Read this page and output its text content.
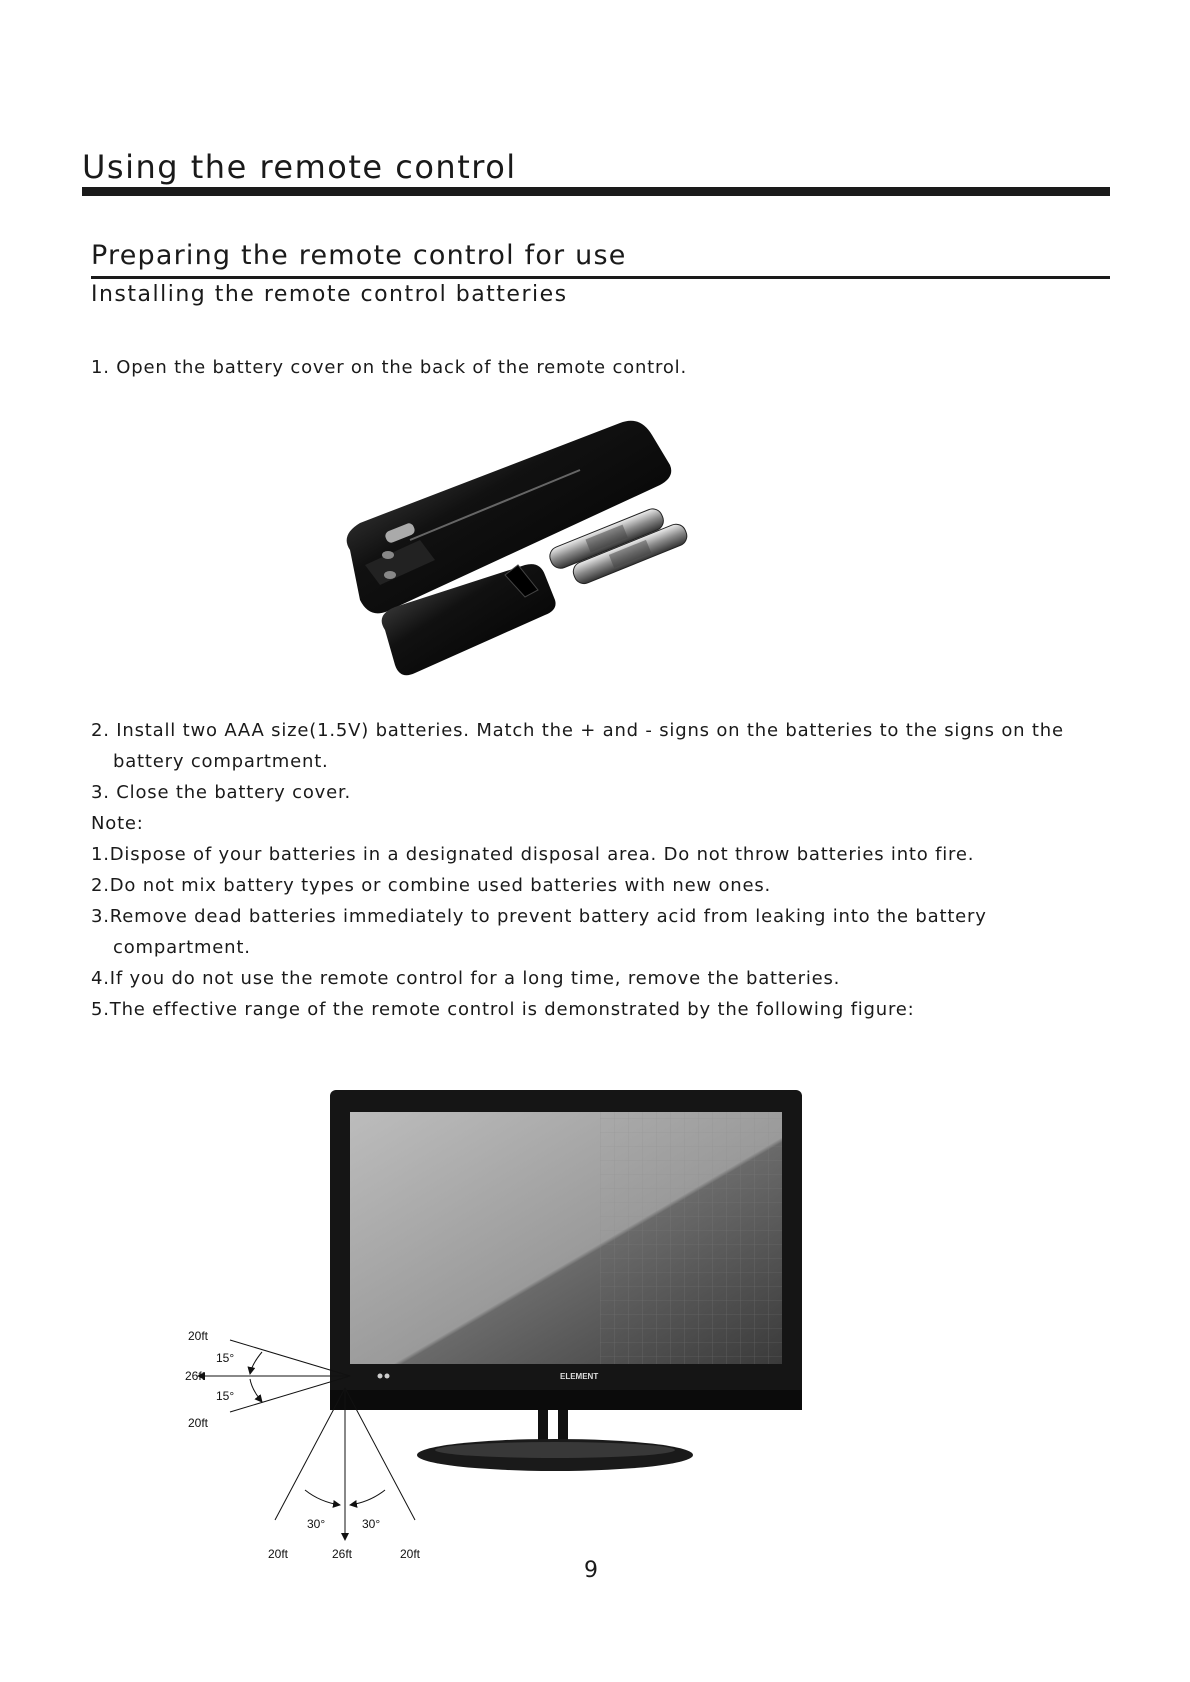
Using the remote control
Preparing the remote control for use
Installing the remote control batteries
1. Open the battery cover on the back of the remote control.
2. Install two AAA size(1.5V) batteries. Match the + and - signs on the batteries to the signs on the
battery compartment.
3. Close the battery cover.
Note:
1.Dispose of your batteries in a designated disposal area. Do not throw batteries into fire.
2.Do not mix battery types or combine used batteries with new ones.
3.Remove dead batteries immediately to prevent battery acid from leaking into the battery
compartment.
4.If you do not use the remote control for a long time, remove the batteries.
5.The effective range of the remote control is demonstrated by the following figure:
ELEMENT
20ft
15°
26ft
15°
20ft
30°	30°
20ft	26ft	20ft
9
